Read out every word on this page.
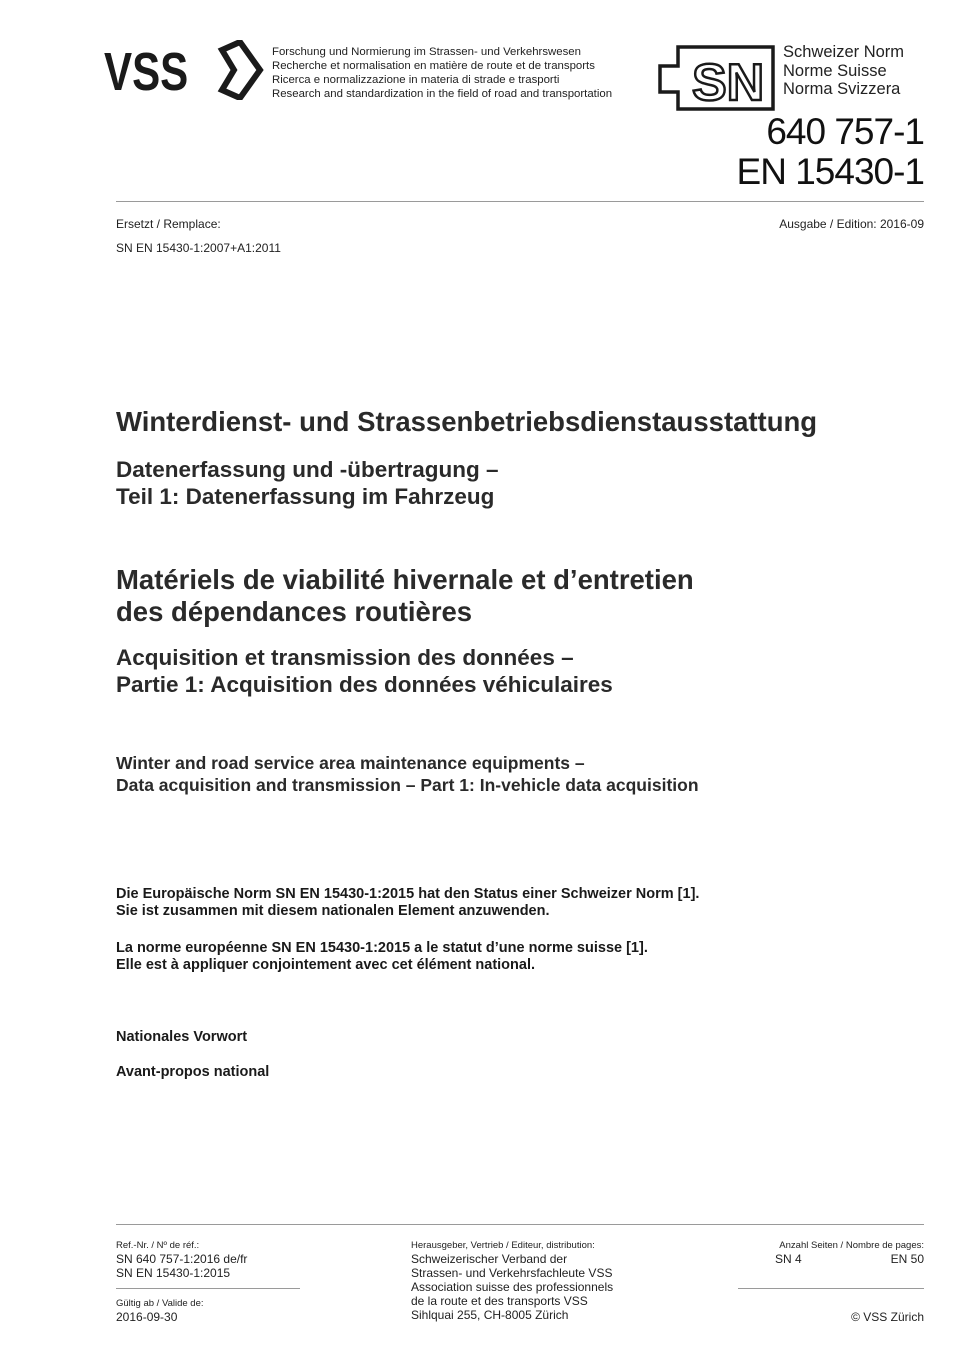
VSS	Forschung und Normierung im Strassen- und Verkehrswesen
Recherche et normalisation en matière de route et de transports
Ricerca e normalizzazione in materia di strade e trasporti
Research and standardization in the field of road and transportation SN
Schweizer Norm
Norme Suisse
Norma Svizzera
640 757-1
EN 15430-1
Ersetzt / Remplace:
SN EN 15430-1:2007+A1:2011
Ausgabe / Edition: 2016-09
Winterdienst- und Strassenbetriebsdienstausstattung
Datenerfassung und -übertragung –
Teil 1: Datenerfassung im Fahrzeug
Matériels de viabilité hivernale et d’entretien
des dépendances routières
Acquisition et transmission des données –
Partie 1: Acquisition des données véhiculaires
Winter and road service area maintenance equipments –
Data acquisition and transmission – Part 1: In-vehicle data acquisition
Die Europäische Norm SN EN 15430-1:2015 hat den Status einer Schweizer Norm [1].
Sie ist zusammen mit diesem nationalen Element anzuwenden.
La norme européenne SN EN 15430-1:2015 a le statut d’une norme suisse [1].
Elle est à appliquer conjointement avec cet élément national.
Nationales Vorwort
Avant-propos national
Ref.-Nr. / Nº de réf.:
SN 640 757-1:2016 de/fr
SN EN 15430-1:2015
Gültig ab / Valide de:
2016-09-30
Herausgeber, Vertrieb / Editeur, distribution:
Schweizerischer Verband der
Strassen- und Verkehrsfachleute VSS
Association suisse des professionnels
de la route et des transports VSS
Sihlquai 255, CH-8005 Zürich
Anzahl Seiten / Nombre de pages:
SN 4	EN 50
© VSS Zürich
